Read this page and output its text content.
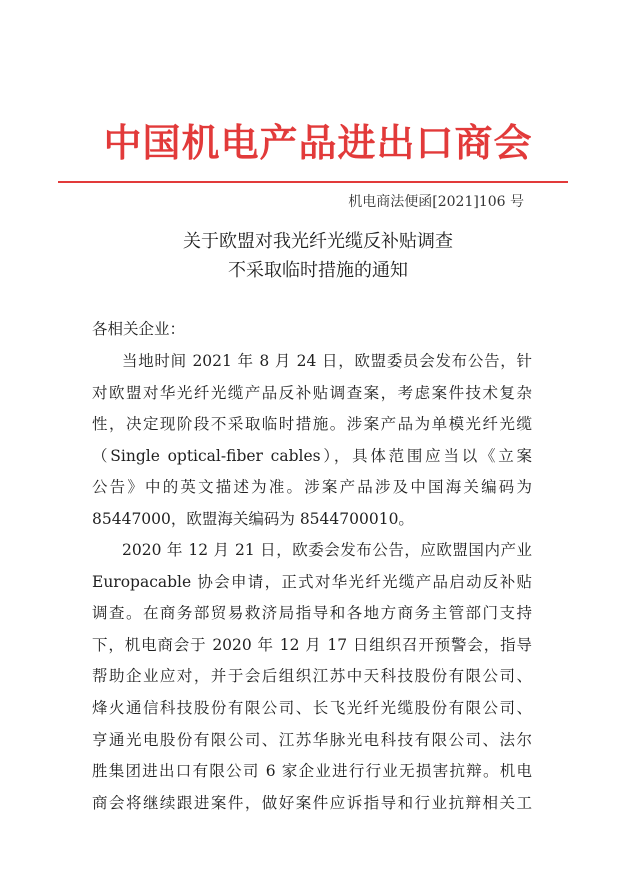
中国机电产品进出口商会
机电商法便函[2021]106 号
关于欧盟对我光纤光缆反补贴调查
不采取临时措施的通知
各相关企业：
当地时间 2021 年 8 月 24 日，欧盟委员会发布公告，针
对欧盟对华光纤光缆产品反补贴调查案，考虑案件技术复杂
性，决定现阶段不采取临时措施。涉案产品为单模光纤光缆
（Single optical-fiber cables），具体范围应当以《立案
公告》中的英文描述为准。涉案产品涉及中国海关编码为
85447000，欧盟海关编码为 8544700010。
2020 年 12 月 21 日，欧委会发布公告，应欧盟国内产业
Europacable 协会申请，正式对华光纤光缆产品启动反补贴
调查。在商务部贸易救济局指导和各地方商务主管部门支持
下，机电商会于 2020 年 12 月 17 日组织召开预警会，指导
帮助企业应对，并于会后组织江苏中天科技股份有限公司、
烽火通信科技股份有限公司、长飞光纤光缆股份有限公司、
亨通光电股份有限公司、江苏华脉光电科技有限公司、法尔
胜集团进出口有限公司 6 家企业进行行业无损害抗辩。机电
商会将继续跟进案件，做好案件应诉指导和行业抗辩相关工
